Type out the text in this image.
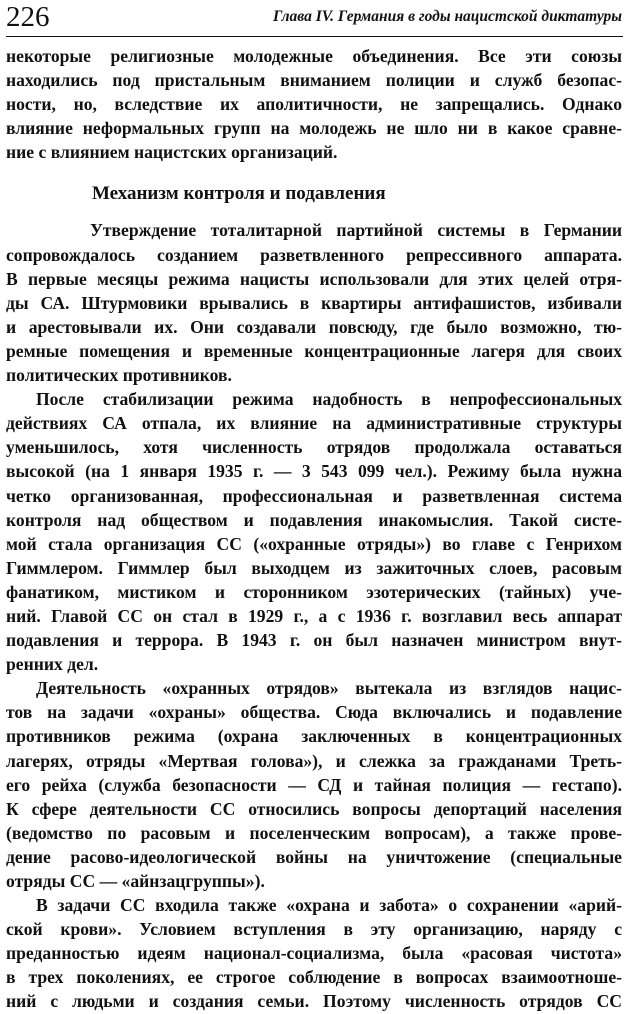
226	Глава IV. Германия в годы нацистской диктатуры
некоторые религиозные молодежные объединения. Все эти союзы
находились под пристальным вниманием полиции и служб безопас-
ности, но, вследствие их аполитичности, не запрещались. Однако
влияние неформальных групп на молодежь не шло ни в какое сравне-
ние с влиянием нацистских организаций.
Механизм контроля и подавления
Утверждение тоталитарной партийной системы в Германии
сопровождалось созданием разветвленного репрессивного аппарата.
В первые месяцы режима нацисты использовали для этих целей отря-
ды СА. Штурмовики врывались в квартиры антифашистов, избивали
и арестовывали их. Они создавали повсюду, где было возможно, тю-
ремные помещения и временные концентрационные лагеря для своих
политических противников.
После стабилизации режима надобность в непрофессиональных
действиях СА отпала, их влияние на административные структуры
уменьшилось, хотя численность отрядов продолжала оставаться
высокой (на 1 января 1935 г. — 3 543 099 чел.). Режиму была нужна
четко организованная, профессиональная и разветвленная система
контроля над обществом и подавления инакомыслия. Такой систе-
мой стала организация СС («охранные отряды») во главе с Генрихом
Гиммлером. Гиммлер был выходцем из зажиточных слоев, расовым
фанатиком, мистиком и сторонником эзотерических (тайных) уче-
ний. Главой СС он стал в 1929 г., а с 1936 г. возглавил весь аппарат
подавления и террора. В 1943 г. он был назначен министром внут-
ренних дел.
Деятельность «охранных отрядов» вытекала из взглядов нацис-
тов на задачи «охраны» общества. Сюда включались и подавление
противников режима (охрана заключенных в концентрационных
лагерях, отряды «Мертвая голова»), и слежка за гражданами Треть-
его рейха (служба безопасности — СД и тайная полиция — гестапо).
К сфере деятельности СС относились вопросы депортаций населения
(ведомство по расовым и поселенческим вопросам), а также прове-
дение расово-идеологической войны на уничтожение (специальные
отряды СС — «айнзацгруппы»).
В задачи СС входила также «охрана и забота» о сохранении «арий-
ской крови». Условием вступления в эту организацию, наряду с
преданностью идеям национал-социализма, была «расовая чистота»
в трех поколениях, ее строгое соблюдение в вопросах взаимоотноше-
ний с людьми и создания семьи. Поэтому численность отрядов СС
